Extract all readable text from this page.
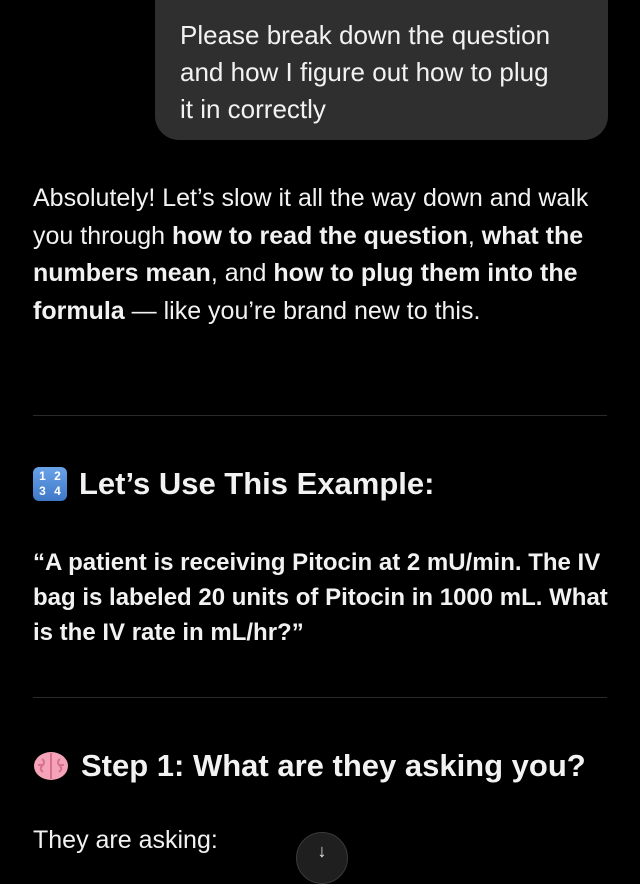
Please break down the question
and how I figure out how to plug
it in correctly
Absolutely! Let’s slow it all the way down and walk you through how to read the question, what the numbers mean, and how to plug them into the formula — like you’re brand new to this.
1 2
3 4 Let’s Use This Example:
“A patient is receiving Pitocin at 2 mU/min. The IV bag is labeled 20 units of Pitocin in 1000 mL. What is the IV rate in mL/hr?”
Step 1: What are they asking you?
They are asking:	↓
